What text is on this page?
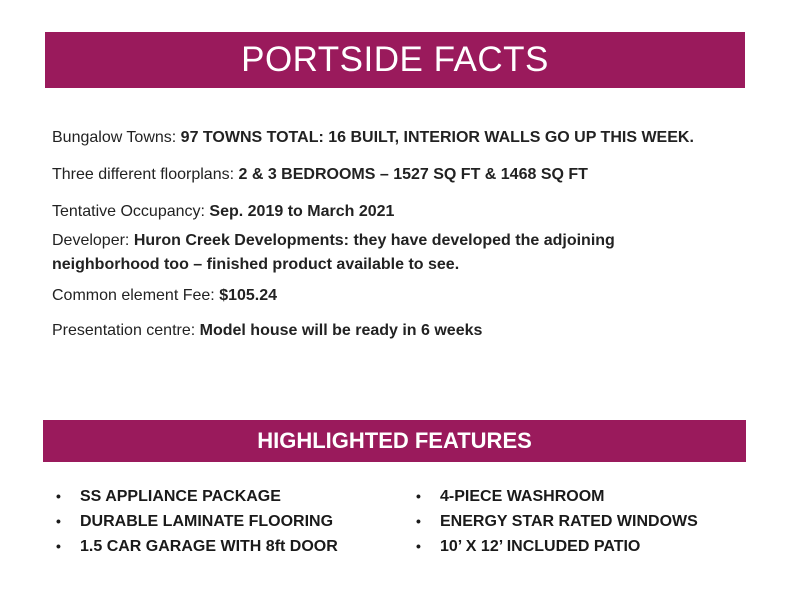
PORTSIDE FACTS
Bungalow Towns: 97 TOWNS TOTAL: 16 BUILT, INTERIOR WALLS GO UP THIS WEEK.
Three different floorplans: 2 & 3 BEDROOMS – 1527 SQ FT & 1468 SQ FT
Tentative Occupancy: Sep. 2019 to March 2021
Developer: Huron Creek Developments: they have developed the adjoining neighborhood too – finished product available to see.
Common element Fee: $105.24
Presentation centre: Model house will be ready in 6 weeks
HIGHLIGHTED FEATURES
• SS APPLIANCE PACKAGE
• DURABLE LAMINATE FLOORING
• 1.5 CAR GARAGE WITH 8ft DOOR
• 4-PIECE WASHROOM
• ENERGY STAR RATED WINDOWS
• 10’ X 12’ INCLUDED PATIO
